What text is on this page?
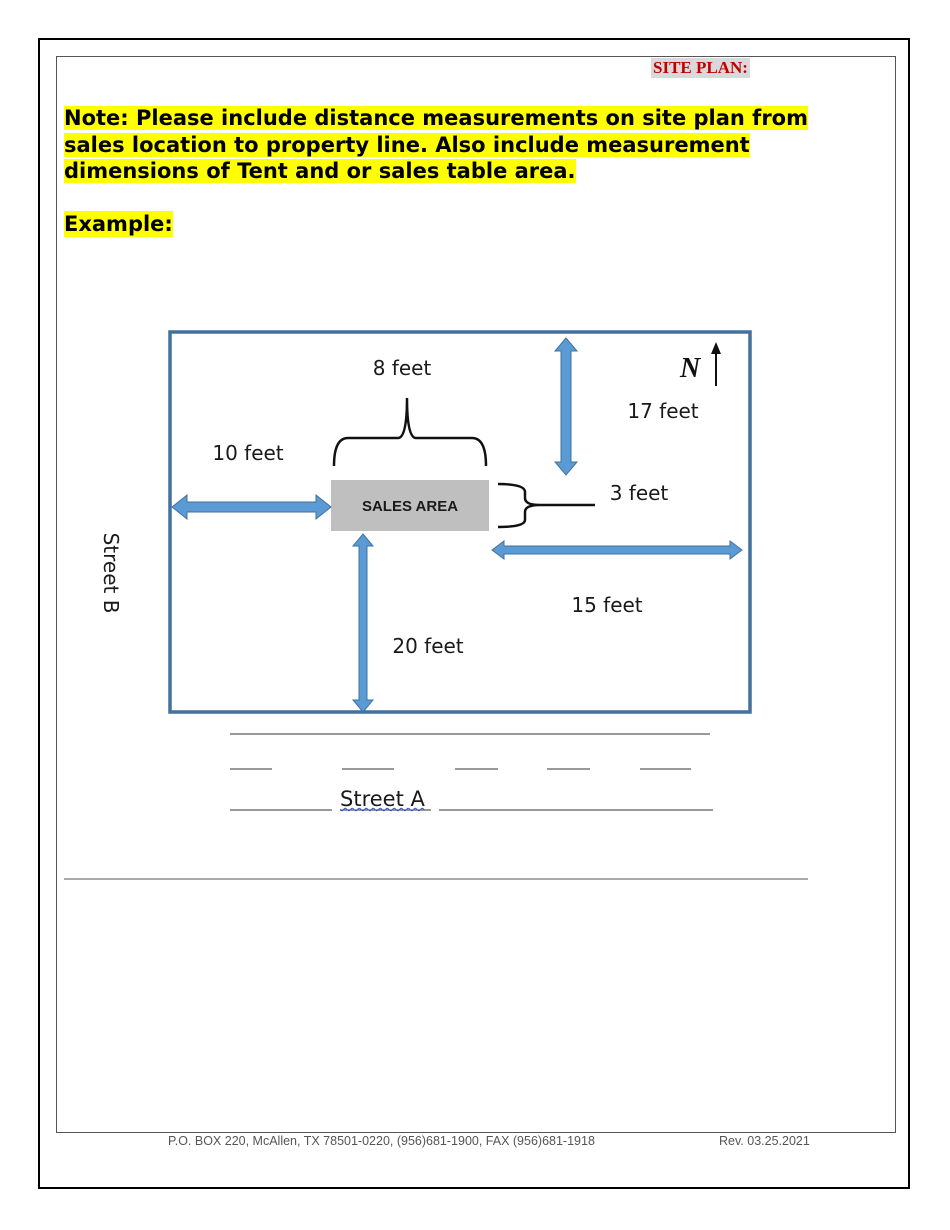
SITE PLAN:

Note: Please include distance measurements on site plan from
sales location to property line. Also include measurement
dimensions of Tent and or sales table area.

Example:
SALES AREA
N
8 feet
10 feet
17 feet
3 feet
15 feet
20 feet
Street B
Street A
P.O. BOX 220, McAllen, TX 78501-0220, (956)681-1900, FAX (956)681-1918	Rev. 03.25.2021
